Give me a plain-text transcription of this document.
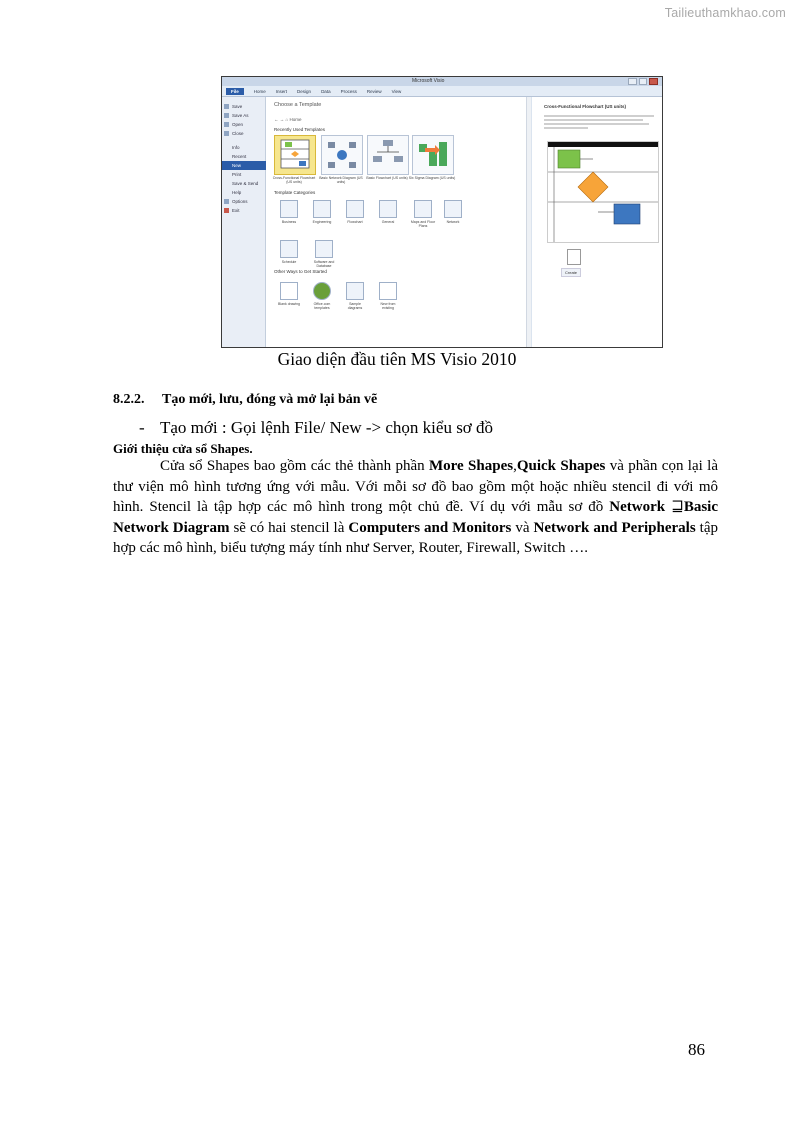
Tailieuthamkhao.com
Microsoft Visio
File	Home Insert Design Data Process Review View
Save
Save As
Open
Close
Info
Recent
New
Print
Save & Send
Help
Options
Exit
Choose a Template
← → ⌂ Home
Recently Used Templates
Cross-Functional Flowchart (US units)
Basic Network Diagram (US units)
Basic Flowchart (US units) Six Sigma Diagram (US units)
Template Categories
Business	Engineering	Flowchart	General	Maps and Floor Plans
Network
Schedule	Software and Database
Other Ways to Get Started
Blank drawing	Office.com templates
Sample diagrams
New from existing
Cross-Functional Flowchart (US units)
Create
Giao diện đầu tiên MS Visio 2010
8.2.2. Tạo mới, lưu, đóng và mở lại bản vẽ
- Tạo mới : Gọi lệnh File/ New -> chọn kiểu sơ đồ
Giới thiệu cửa sổ Shapes.

Cửa sổ Shapes bao gồm các thẻ thành phần More Shapes,Quick Shapes và phần cọn lại là thư viện mô hình tương ứng với mẫu. Với mỗi sơ đồ bao gồm một hoặc nhiều stencil đi với mô hình. Stencil là tập hợp các mô hình trong một chủ đề. Ví dụ với mẫu sơ đồ Network ⊒Basic Network Diagram sẽ có hai stencil là Computers and Monitors và Network and Peripherals tập hợp các mô hình, biểu tượng máy tính như Server, Router, Firewall, Switch ….

86
